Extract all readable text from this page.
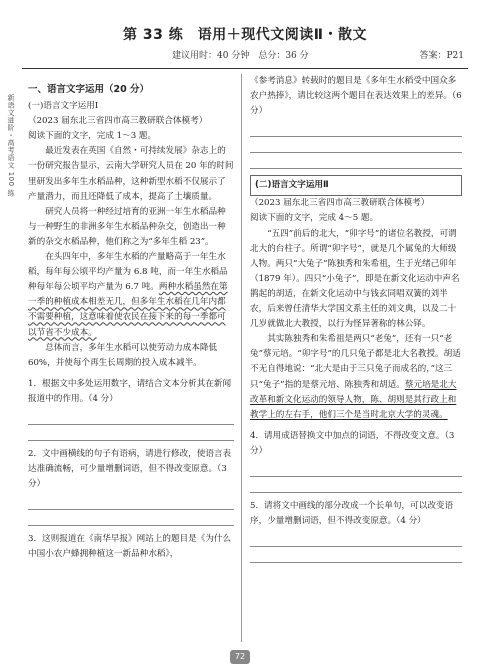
第 33 练　语用＋现代文阅读Ⅱ・散文
建议用时：40 分钟　总分：36 分	答案：P21
新语文进阶・高考语文 100 练

一、语言文字运用（20 分）

(一)语言文字运用Ⅰ

（2023 届东北三省四市高三教研联合体模考）

阅读下面的文字，完成 1～3 题。

最近发表在英国《自然・可持续发展》杂志上的一份研究报告显示，云南大学研究人员在 20 年的时间里研发出多年生水稻品种，这种新型水稻不仅展示了产量潜力，而且还降低了成本，提高了土壤质量。

研究人员将一种经过培育的亚洲一年生水稻品种与一种野生的非洲多年生水稻品种杂交，创造出一种新的杂交水稻品种，他们称之为“多年生稻 23”。

在头四年中，多年生水稻的产量略高于一年生水稻，每年每公顷平均产量为 6.8 吨，而一年生水稻品种每年每公顷平均产量为 6.7 吨。两种水稻虽然在第一季的种植成本相差无几，但多年生水稻在几年内都不需要种植，这意味着使农民在接下来的每一季都可以节省不少成本。

总体而言，多年生水稻可以使劳动力成本降低 60%，并使每个再生长周期的投入成本减半。

1．根据文中多处运用数字，请结合文本分析其在新闻报道中的作用。（4 分）

2．文中画横线的句子有语病，请进行修改，使语言表达准确流畅，可少量增删词语，但不得改变原意。（3 分）

3．这则报道在《南华早报》网站上的题目是《为什么中国小农户蜂拥种植这一新品种水稻》，

《参考消息》转载时的题目是《多年生水稻受中国众多农户热捧》，请比较这两个题目在表达效果上的差异。（6 分）

(二)语言文字运用Ⅱ

（2023 届东北三省四市高三教研联合体模考）

阅读下面的文字，完成 4～5 题。

“五四”前后的北大，“卯字号”的诸位名教授，可谓北大的台柱子。所谓“卯字号”，就是几个属兔的大师级人物。两只“大兔子”陈独秀和朱希祖，生于光绪己卯年（1879 年）。四只“小兔子”，即是在新文化运动中声名鹊起的胡适，在新文化运动中与钱玄同唱双簧的刘半农，后来曾任清华大学国文系主任的刘文典，以及二十几岁就做北大教授，以行为怪异著称的林公铎。

其实陈独秀和朱希祖是两只“老兔”，还有一只“老兔”蔡元培。“卯字号”的几只兔子都是北大名教授。胡适不无自得地说：“北大是由于三只兔子而成名的，”这三只“兔子”指的是蔡元培、陈独秀和胡适。蔡元培是北大改革和新文化运动的领导人物，陈、胡则是其行政上和教学上的左右手，他们三个是当时北京大学的灵魂。

4．请用成语替换文中加点的词语，不得改变文意。（3 分）

5．请将文中画线的部分改成一个长单句，可以改变语序，少量增删词语，但不得改变原意。（4 分）

72
